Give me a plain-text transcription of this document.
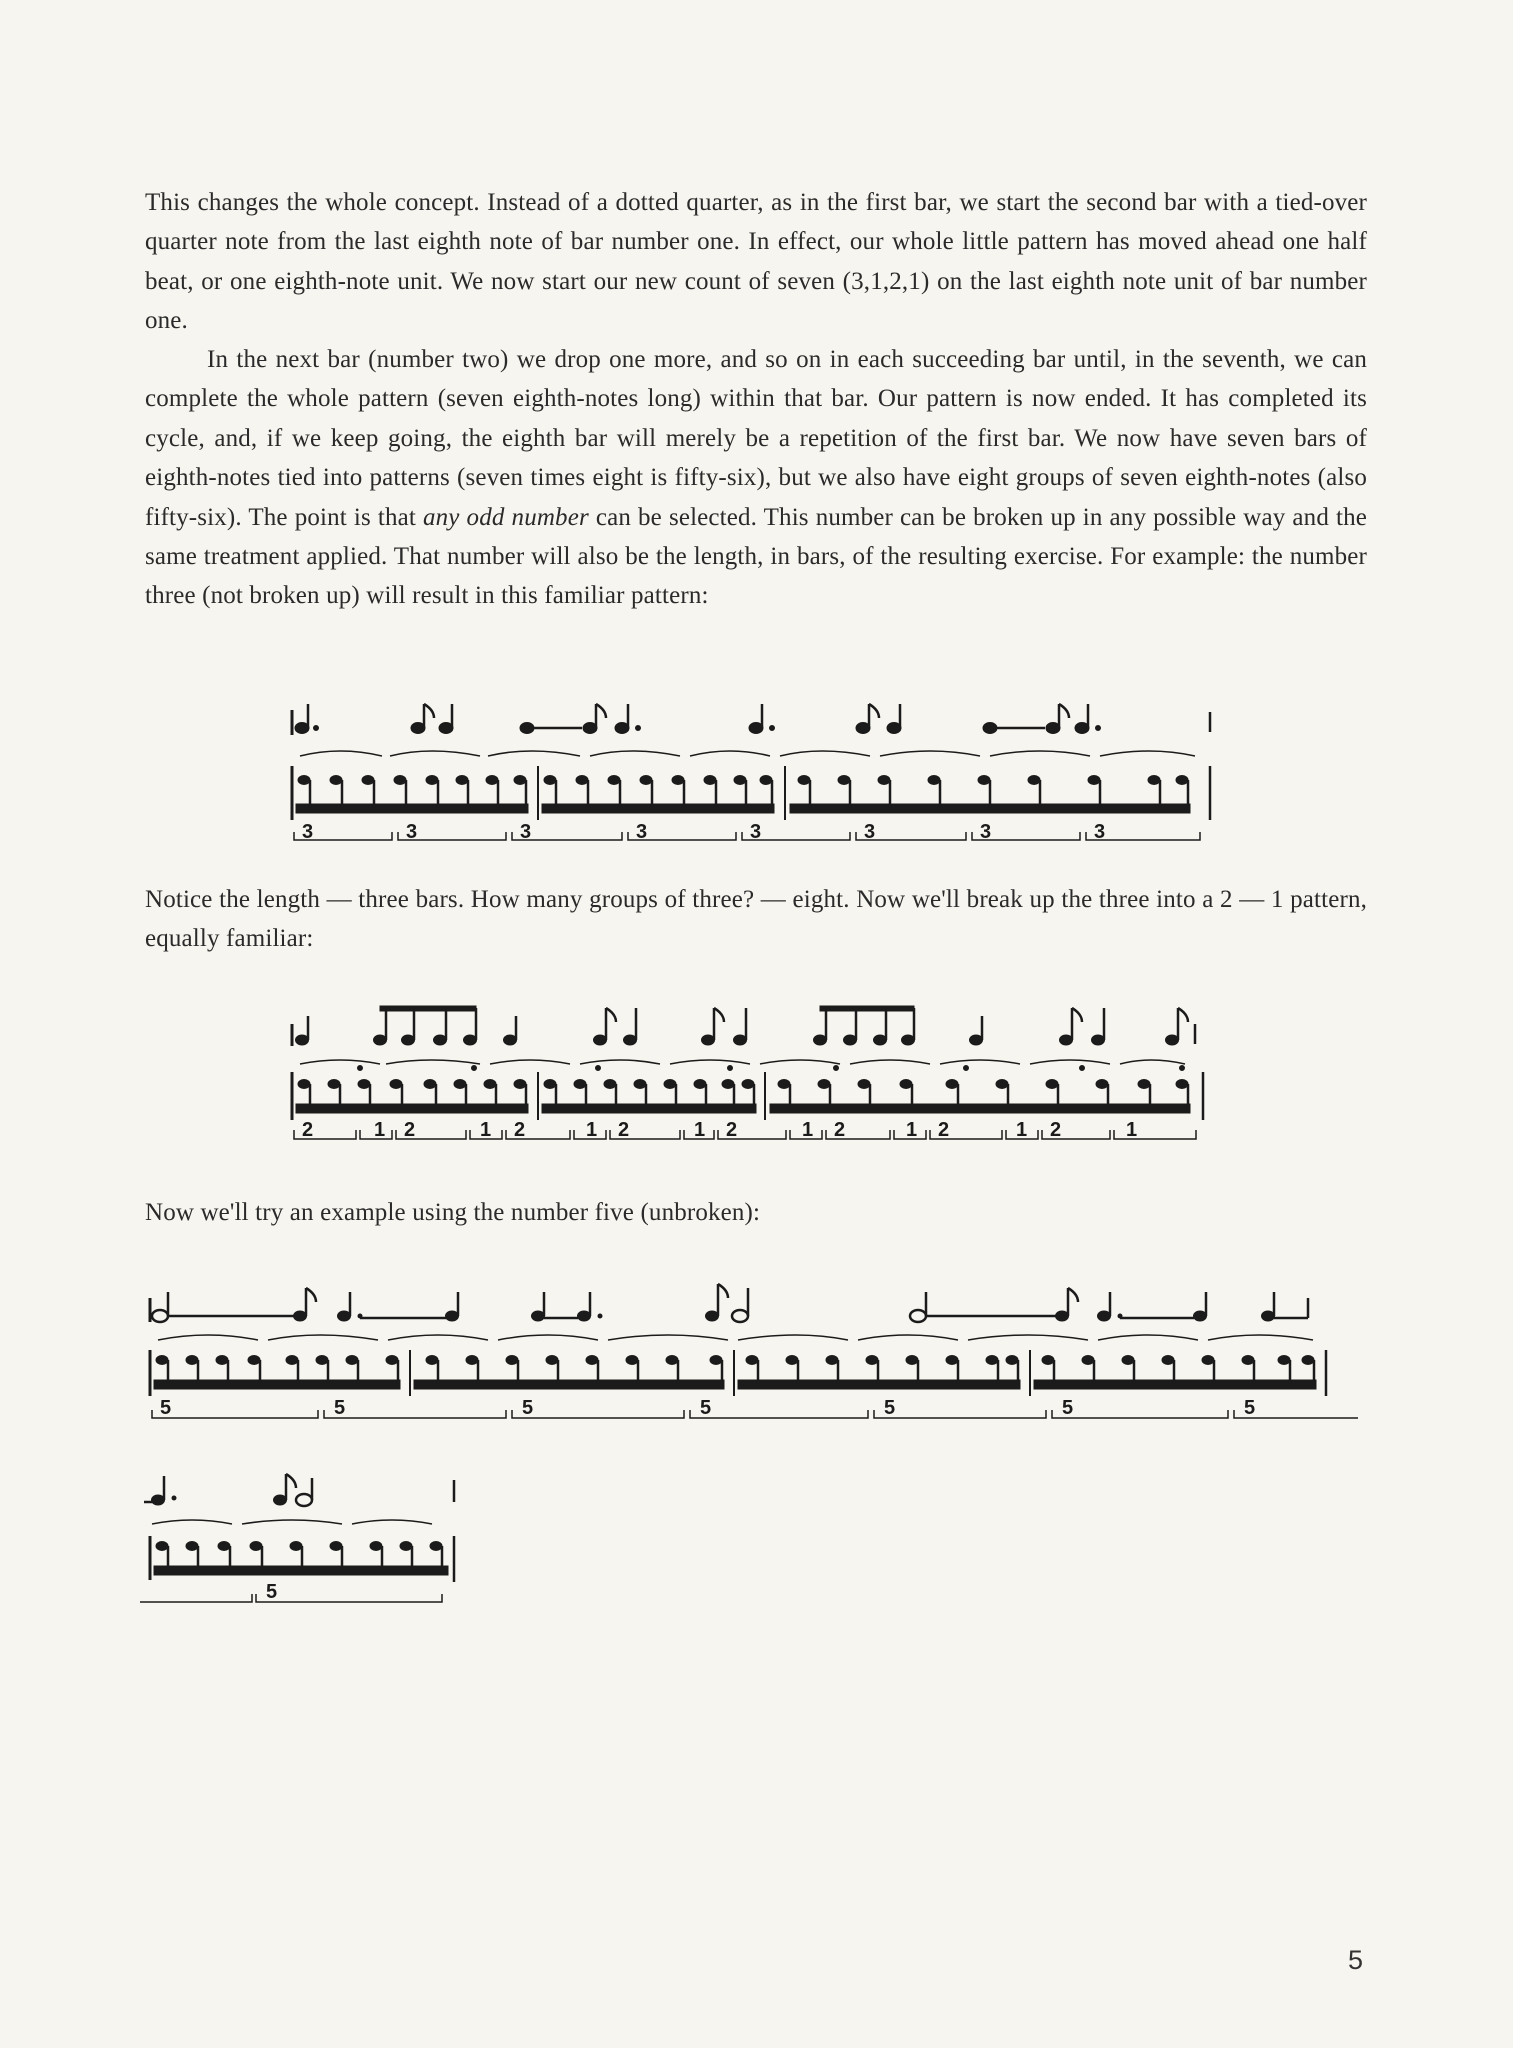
This changes the whole concept. Instead of a dotted quarter, as in the first bar, we start the second bar with a tied-over quarter note from the last eighth note of bar number one. In effect, our whole little pattern has moved ahead one half beat, or one eighth-note unit. We now start our new count of seven (3,1,2,1) on the last eighth note unit of bar number one.

In the next bar (number two) we drop one more, and so on in each succeeding bar until, in the seventh, we can complete the whole pattern (seven eighth-notes long) within that bar. Our pattern is now ended. It has completed its cycle, and, if we keep going, the eighth bar will merely be a repetition of the first bar. We now have seven bars of eighth-notes tied into patterns (seven times eight is fifty-six), but we also have eight groups of seven eighth-notes (also fifty-six). The point is that any odd number can be selected. This number can be broken up in any possible way and the same treatment applied. That number will also be the length, in bars, of the resulting exercise. For example: the number three (not broken up) will result in this familiar pattern:

3	3	3	3	3	3	3	3

Notice the length — three bars. How many groups of three? — eight. Now we'll break up the three into a 2 — 1 pattern, equally familiar:

2	1 2	1 2	1 2	1 2	1 2	1 2	1 2	1

Now we'll try an example using the number five (unbroken):

5	5	5	5	5	5	5
5
5
